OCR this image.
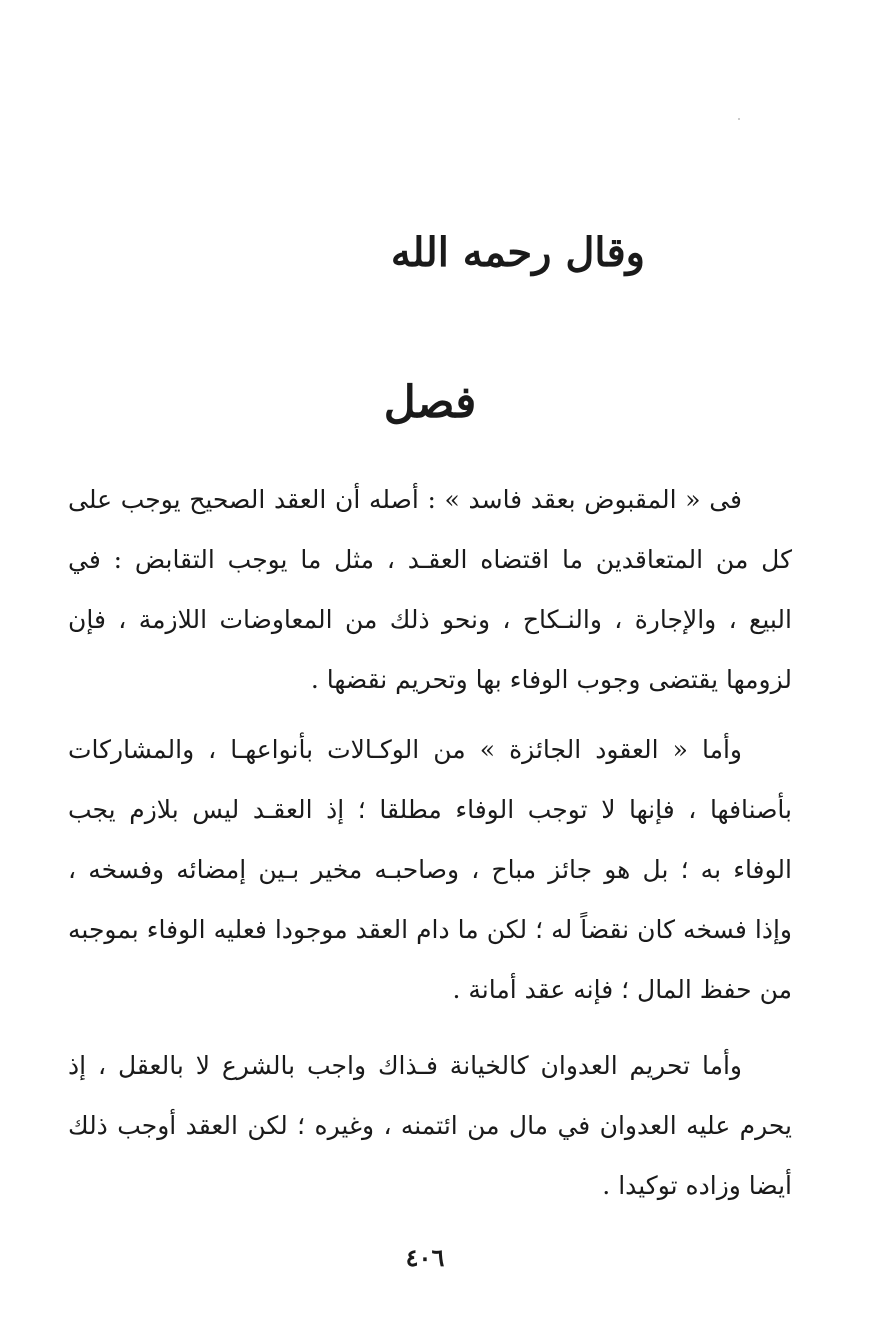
وقال رحمه الله
فصل
فى « المقبوض بعقد فاسد » : أصله أن العقد الصحيح يوجب على
كل من المتعاقدين ما اقتضاه العقـد ، مثل ما يوجب التقابض : في
البيع ، والإجارة ، والنـكاح ، ونحو ذلك من المعاوضات اللازمة ، فإن
لزومها يقتضى وجوب الوفاء بها وتحريم نقضها .
وأما « العقود الجائزة » من الوكـالات بأنواعهـا ، والمشاركات
بأصنافها ، فإنها لا توجب الوفاء مطلقا ؛ إذ العقـد ليس بلازم يجب
الوفاء به ؛ بل هو جائز مباح ، وصاحبـه مخير بـين إمضائه وفسخه ،
وإذا فسخه كان نقضاً له ؛ لكن ما دام العقد موجودا فعليه الوفاء بموجبه
من حفظ المال ؛ فإنه عقد أمانة .
وأما تحريم العدوان كالخيانة فـذاك واجب بالشرع لا بالعقل ، إذ
يحرم عليه العدوان في مال من ائتمنه ، وغيره ؛ لكن العقد أوجب ذلك
أيضا وزاده توكيدا .
٤٠٦
